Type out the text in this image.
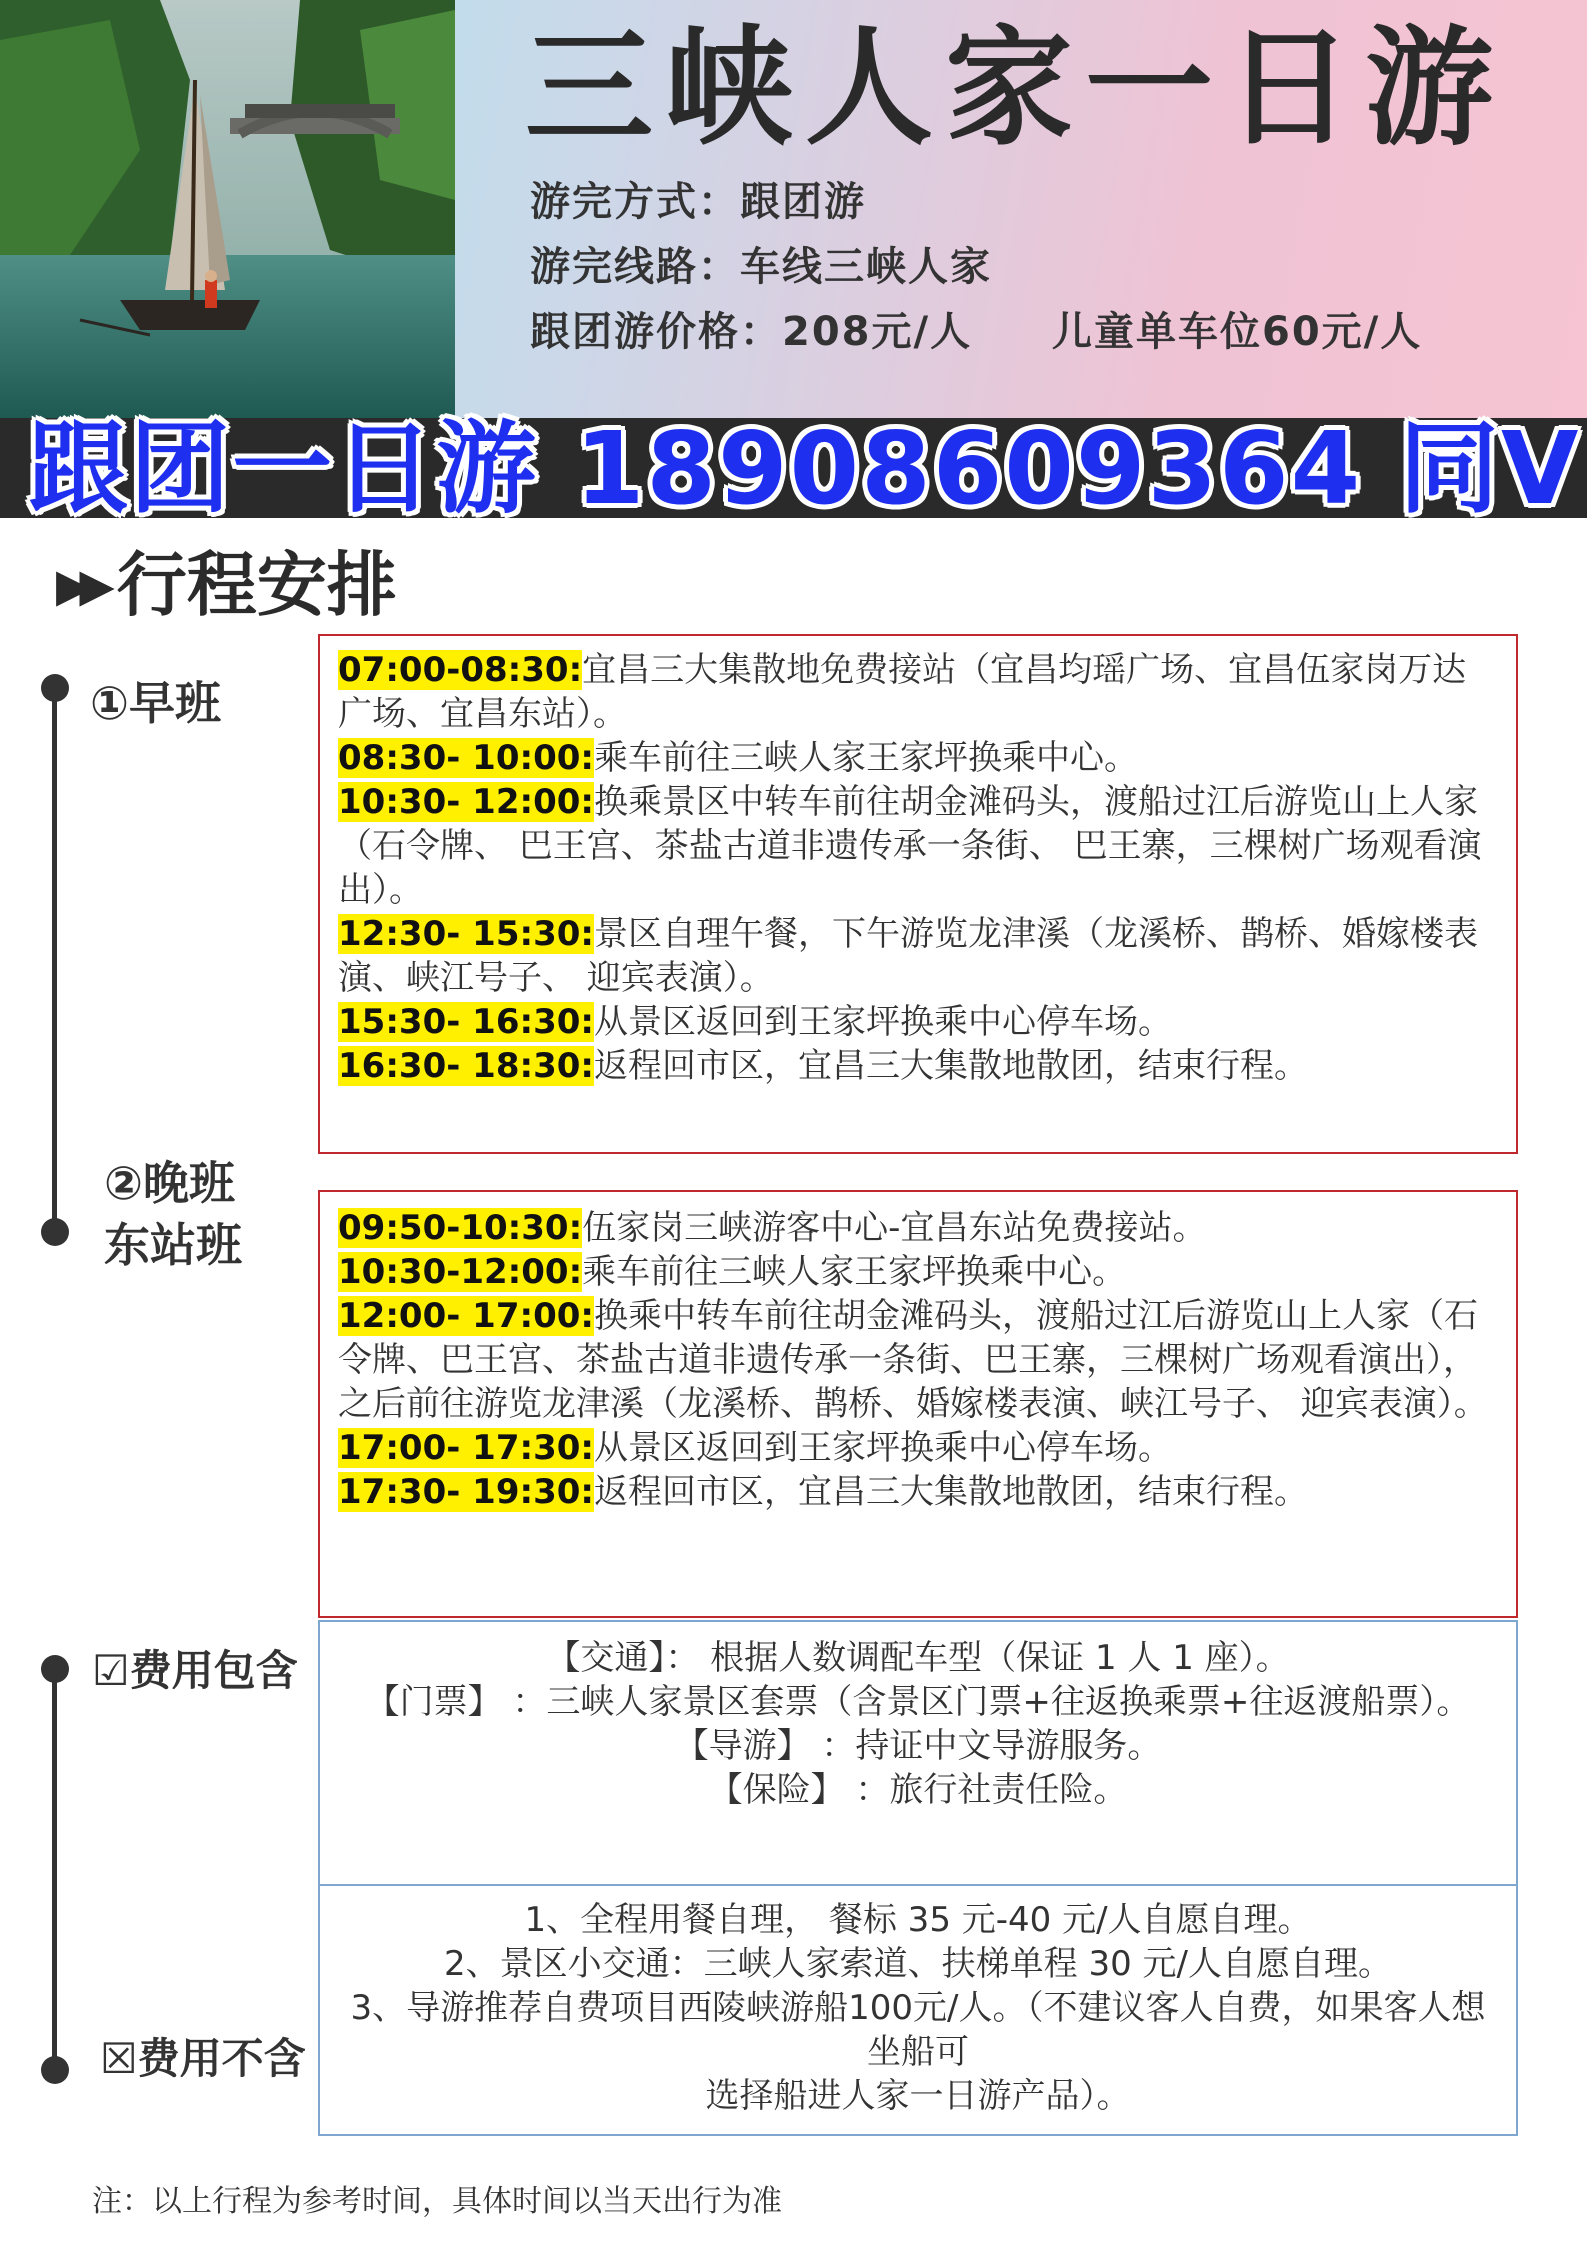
三峡人家一日游
游完方式：跟团游
游完线路：车线三峡人家
跟团游价格：208元/人 儿童单车位60元/人
跟团一日游 18908609364 同V
▶▶ 行程安排
①早班
07:00-08:30:宜昌三大集散地免费接站（宜昌均瑶广场、宜昌伍家岗万达广场、宜昌东站）。
08:30- 10:00:乘车前往三峡人家王家坪换乘中心。
10:30- 12:00:换乘景区中转车前往胡金滩码头，渡船过江后游览山上人家（石令牌、 巴王宫、茶盐古道非遗传承一条街、 巴王寨，三棵树广场观看演出）。
12:30- 15:30:景区自理午餐，下午游览龙津溪（龙溪桥、鹊桥、婚嫁楼表演、峡江号子、 迎宾表演）。
15:30- 16:30:从景区返回到王家坪换乘中心停车场。
16:30- 18:30:返程回市区，宜昌三大集散地散团，结束行程。
②晚班
东站班	09:50-10:30:伍家岗三峡游客中心-宜昌东站免费接站。
10:30-12:00:乘车前往三峡人家王家坪换乘中心。
12:00- 17:00:换乘中转车前往胡金滩码头，渡船过江后游览山上人家（石令牌、巴王宫、茶盐古道非遗传承一条街、巴王寨，三棵树广场观看演出），之后前往游览龙津溪（龙溪桥、鹊桥、婚嫁楼表演、峡江号子、 迎宾表演）。
17:00- 17:30:从景区返回到王家坪换乘中心停车场。
17:30- 19:30:返程回市区，宜昌三大集散地散团，结束行程。
☑费用包含	【交通】： 根据人数调配车型（保证 1 人 1 座）。
【门票】 ：三峡人家景区套票（含景区门票+往返换乘票+往返渡船票）。
【导游】 ：持证中文导游服务。
【保险】 ：旅行社责任险。
☒费用不含
1、全程用餐自理， 餐标 35 元-40 元/人自愿自理。
2、景区小交通：三峡人家索道、扶梯单程 30 元/人自愿自理。
3、导游推荐自费项目西陵峡游船100元/人。（不建议客人自费，如果客人想坐船可
选择船进人家一日游产品）。
注：以上行程为参考时间，具体时间以当天出行为准
